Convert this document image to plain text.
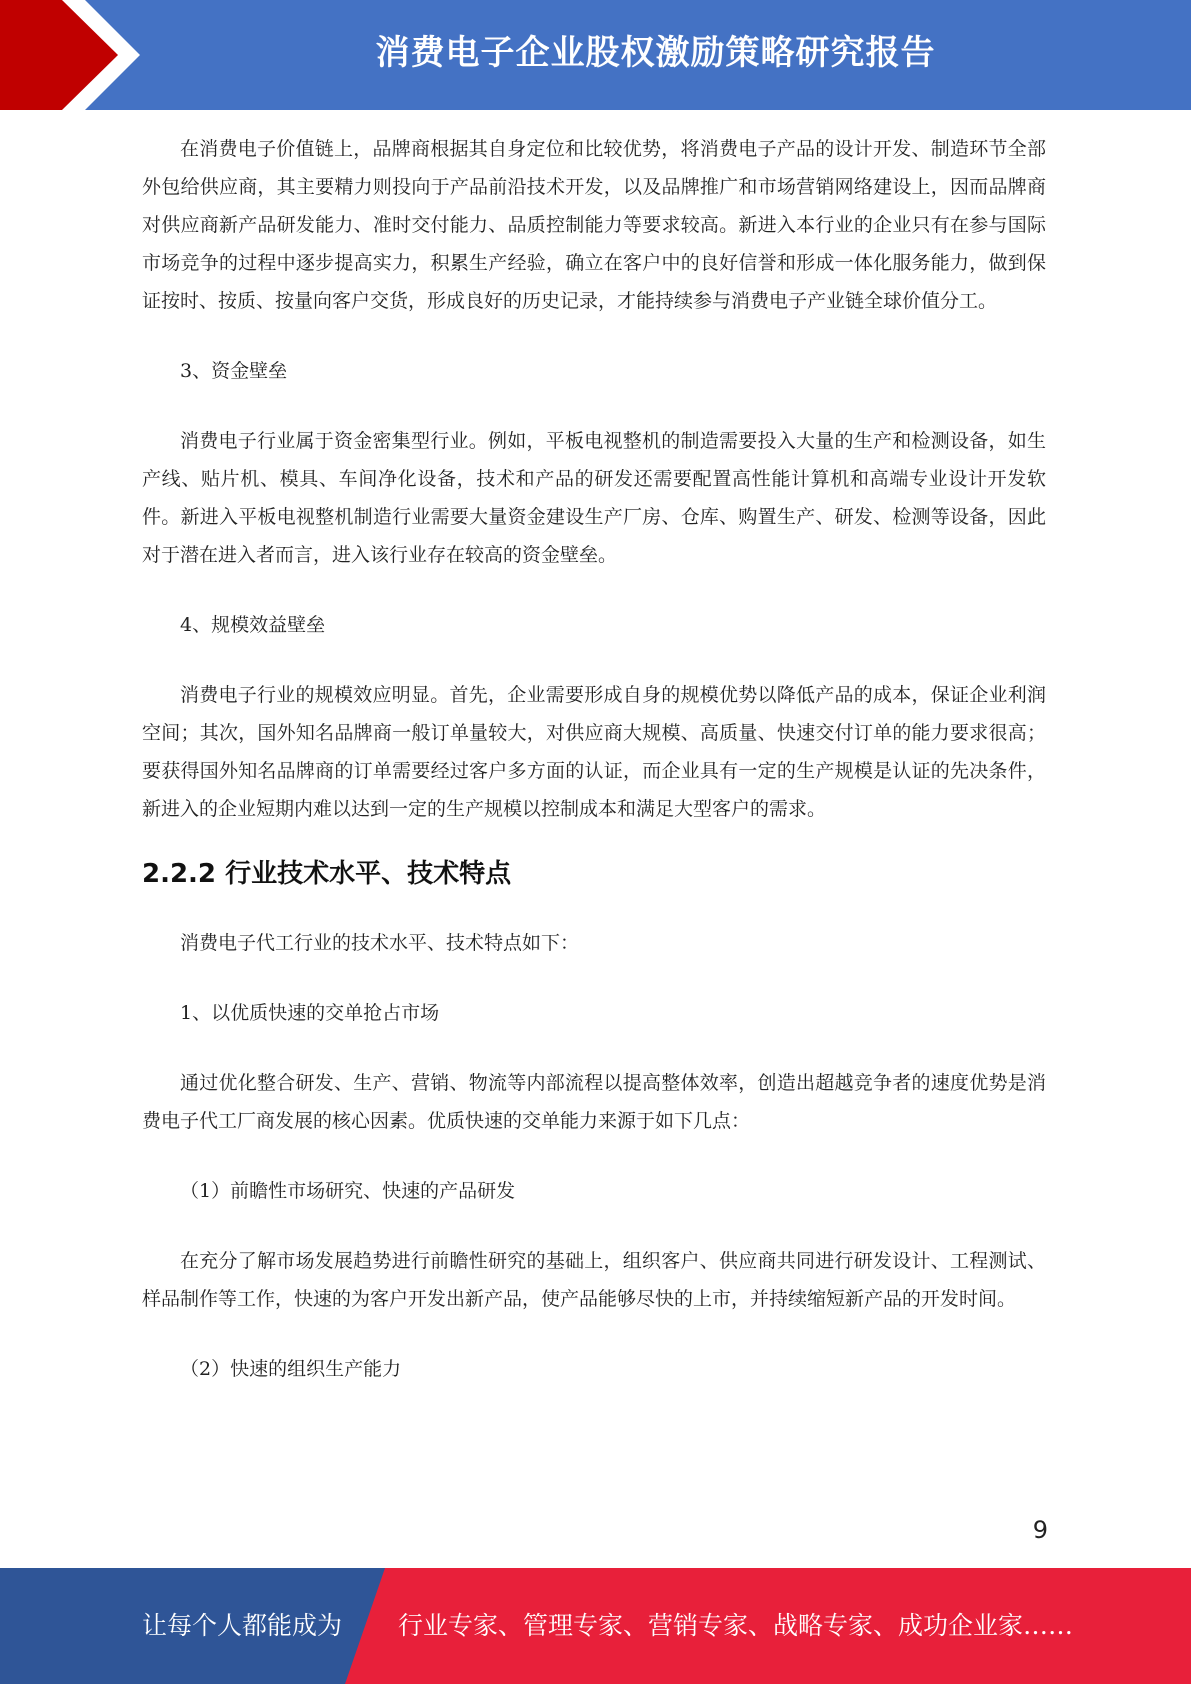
消费电子企业股权激励策略研究报告

在消费电子价值链上，品牌商根据其自身定位和比较优势，将消费电子产品的设计开发、制造环节全部外包给供应商，其主要精力则投向于产品前沿技术开发，以及品牌推广和市场营销网络建设上，因而品牌商对供应商新产品研发能力、准时交付能力、品质控制能力等要求较高。新进入本行业的企业只有在参与国际市场竞争的过程中逐步提高实力，积累生产经验，确立在客户中的良好信誉和形成一体化服务能力，做到保证按时、按质、按量向客户交货，形成良好的历史记录，才能持续参与消费电子产业链全球价值分工。

3、资金壁垒

消费电子行业属于资金密集型行业。例如，平板电视整机的制造需要投入大量的生产和检测设备，如生产线、贴片机、模具、车间净化设备，技术和产品的研发还需要配置高性能计算机和高端专业设计开发软件。新进入平板电视整机制造行业需要大量资金建设生产厂房、仓库、购置生产、研发、检测等设备，因此对于潜在进入者而言，进入该行业存在较高的资金壁垒。

4、规模效益壁垒

消费电子行业的规模效应明显。首先，企业需要形成自身的规模优势以降低产品的成本，保证企业利润空间；其次，国外知名品牌商一般订单量较大，对供应商大规模、高质量、快速交付订单的能力要求很高；要获得国外知名品牌商的订单需要经过客户多方面的认证，而企业具有一定的生产规模是认证的先决条件，新进入的企业短期内难以达到一定的生产规模以控制成本和满足大型客户的需求。

2.2.2 行业技术水平、技术特点

消费电子代工行业的技术水平、技术特点如下：

1、以优质快速的交单抢占市场

通过优化整合研发、生产、营销、物流等内部流程以提高整体效率，创造出超越竞争者的速度优势是消费电子代工厂商发展的核心因素。优质快速的交单能力来源于如下几点：

（1）前瞻性市场研究、快速的产品研发

在充分了解市场发展趋势进行前瞻性研究的基础上，组织客户、供应商共同进行研发设计、工程测试、样品制作等工作，快速的为客户开发出新产品，使产品能够尽快的上市，并持续缩短新产品的开发时间。

（2）快速的组织生产能力

9
让每个人都能成为 行业专家、管理专家、营销专家、战略专家、成功企业家……
